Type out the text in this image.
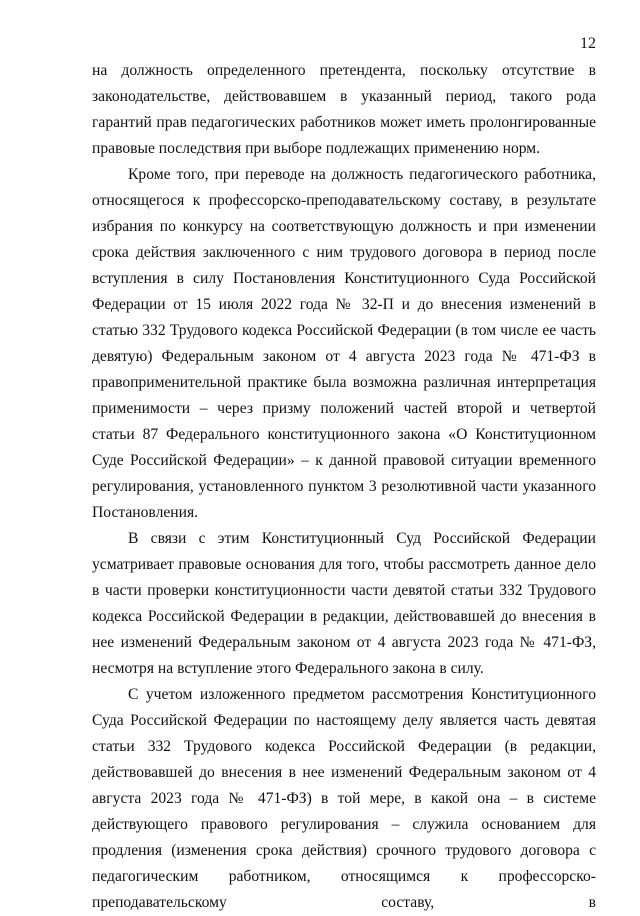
12

на должность определенного претендента, поскольку отсутствие в законодательстве, действовавшем в указанный период, такого рода гарантий прав педагогических работников может иметь пролонгированные правовые последствия при выборе подлежащих применению норм.

Кроме того, при переводе на должность педагогического работника, относящегося к профессорско-преподавательскому составу, в результате избрания по конкурсу на соответствующую должность и при изменении срока действия заключенного с ним трудового договора в период после вступления в силу Постановления Конституционного Суда Российской Федерации от 15 июля 2022 года № 32-П и до внесения изменений в статью 332 Трудового кодекса Российской Федерации (в том числе ее часть девятую) Федеральным законом от 4 августа 2023 года № 471-ФЗ в правоприменительной практике была возможна различная интерпретация применимости – через призму положений частей второй и четвертой статьи 87 Федерального конституционного закона «О Конституционном Суде Российской Федерации» – к данной правовой ситуации временного регулирования, установленного пунктом 3 резолютивной части указанного Постановления.

В связи с этим Конституционный Суд Российской Федерации усматривает правовые основания для того, чтобы рассмотреть данное дело в части проверки конституционности части девятой статьи 332 Трудового кодекса Российской Федерации в редакции, действовавшей до внесения в нее изменений Федеральным законом от 4 августа 2023 года № 471-ФЗ, несмотря на вступление этого Федерального закона в силу.

С учетом изложенного предметом рассмотрения Конституционного Суда Российской Федерации по настоящему делу является часть девятая статьи 332 Трудового кодекса Российской Федерации (в редакции, действовавшей до внесения в нее изменений Федеральным законом от 4 августа 2023 года № 471-ФЗ) в той мере, в какой она – в системе действующего правового регулирования – служила основанием для продления (изменения срока действия) срочного трудового договора с педагогическим работником, относящимся к профессорско-преподавательскому составу, в
